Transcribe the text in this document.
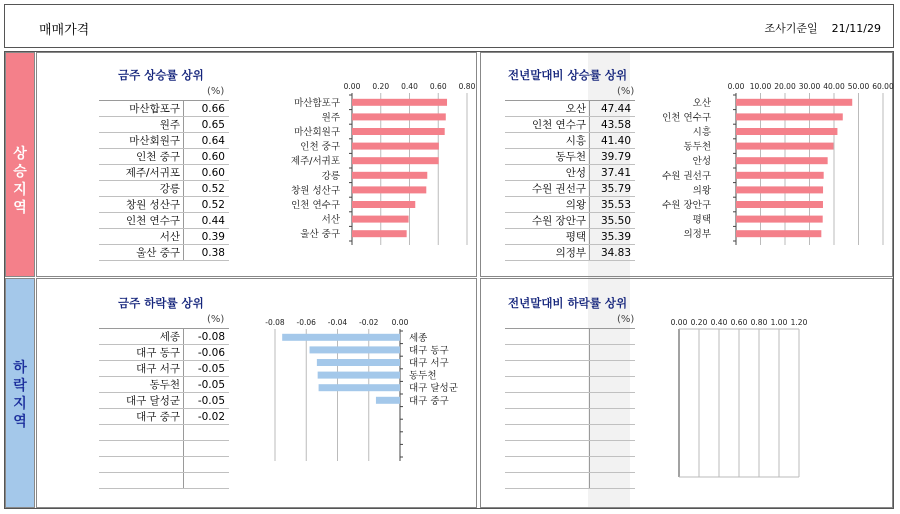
매매가격	조사기준일 21/11/29
상
승
지
역
하
락
지
역
금주 상승률 상위
(%)
마산합포구	0.66
원주	0.65
마산회원구	0.64
인천 중구	0.60
제주/서귀포	0.60
강릉	0.52
창원 성산구	0.52
인천 연수구	0.44
서산	0.39
울산 중구	0.38
0.00 0.20 0.40 0.60 0.80
마산합포구
원주
마산회원구
인천 중구
제주/서귀포
강릉
창원 성산구
인천 연수구
서산
울산 중구
전년말대비 상승률 상위
(%)
오산	47.44
인천 연수구	43.58
시흥	41.40
동두천	39.79
안성	37.41
수원 권선구	35.79
의왕	35.53
수원 장안구	35.50
평택	35.39
의정부	34.83
0.00 10.00 20.00 30.00 40.00 50.00 60.00
오산
인천 연수구
시흥
동두천
안성
수원 권선구
의왕
수원 장안구
평택
의정부
금주 하락률 상위
(%)
세종	-0.08
대구 동구	-0.06
대구 서구	-0.05
동두천	-0.05
대구 달성군	-0.05
대구 중구	-0.02
-0.08 -0.06 -0.04 -0.02 0.00
세종
대구 동구
대구 서구
동두천
대구 달성군
대구 중구
전년말대비 하락률 상위
(%)	0.00 0.20 0.40 0.60 0.80 1.00 1.20
